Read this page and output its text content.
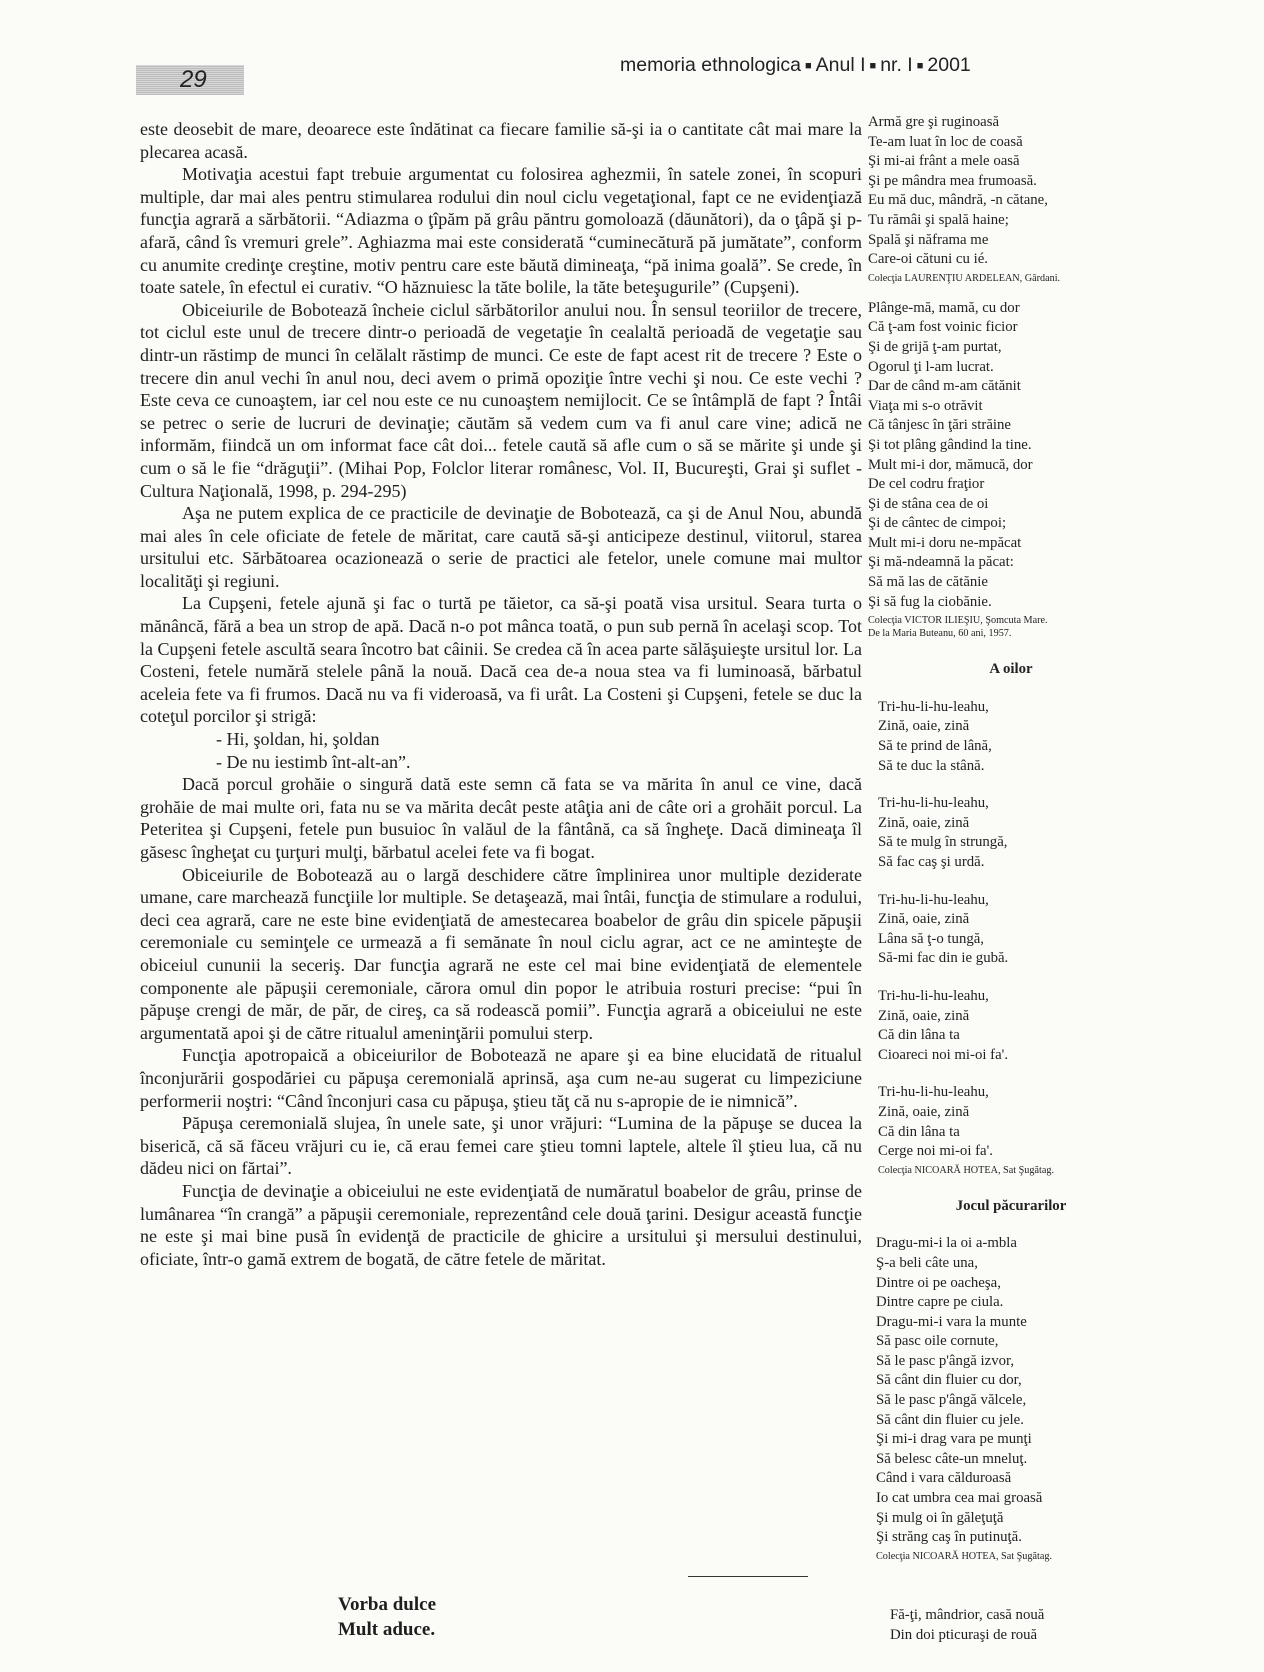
29
memoria ethnologica ■ Anul I ■ nr. I ■ 2001

este deosebit de mare, deoarece este îndătinat ca fiecare familie să-şi ia o cantitate cât mai mare la plecarea acasă.

Motivaţia acestui fapt trebuie argumentat cu folosirea aghezmii, în satele zonei, în scopuri multiple, dar mai ales pentru stimularea rodului din noul ciclu vegetaţional, fapt ce ne evidenţiază funcţia agrară a sărbătorii. “Adiazma o ţîpăm pă grâu păntru gomoloază (dăunători), da o ţâpă şi p-afară, când îs vremuri grele”. Aghiazma mai este considerată “cuminecătură pă jumătate”, conform cu anumite credinţe creştine, motiv pentru care este băută dimineaţa, “pă inima goală”. Se crede, în toate satele, în efectul ei curativ. “O hăznuiesc la tăte bolile, la tăte beteşugurile” (Cupşeni).

Obiceiurile de Bobotează încheie ciclul sărbătorilor anului nou. În sensul teoriilor de trecere, tot ciclul este unul de trecere dintr-o perioadă de vegetaţie în cealaltă perioadă de vegetaţie sau dintr-un răstimp de munci în celălalt răstimp de munci. Ce este de fapt acest rit de trecere ? Este o trecere din anul vechi în anul nou, deci avem o primă opoziţie între vechi şi nou. Ce este vechi ? Este ceva ce cunoaştem, iar cel nou este ce nu cunoaştem nemijlocit. Ce se întâmplă de fapt ? Întâi se petrec o serie de lucruri de devinaţie; căutăm să vedem cum va fi anul care vine; adică ne informăm, fiindcă un om informat face cât doi... fetele caută să afle cum o să se mărite şi unde şi cum o să le fie “drăguţii”. (Mihai Pop, Folclor literar românesc, Vol. II, Bucureşti, Grai şi suflet - Cultura Naţională, 1998, p. 294-295)

Aşa ne putem explica de ce practicile de devinaţie de Bobotează, ca şi de Anul Nou, abundă mai ales în cele oficiate de fetele de măritat, care caută să-şi anticipeze destinul, viitorul, starea ursitului etc. Sărbătoarea ocazionează o serie de practici ale fetelor, unele comune mai multor localităţi şi regiuni.

La Cupşeni, fetele ajună şi fac o turtă pe tăietor, ca să-şi poată visa ursitul. Seara turta o mănâncă, fără a bea un strop de apă. Dacă n-o pot mânca toată, o pun sub pernă în acelaşi scop. Tot la Cupşeni fetele ascultă seara încotro bat câinii. Se credea că în acea parte sălăşuieşte ursitul lor. La Costeni, fetele numără stelele până la nouă. Dacă cea de-a noua stea va fi luminoasă, bărbatul aceleia fete va fi frumos. Dacă nu va fi videroasă, va fi urât. La Costeni şi Cupşeni, fetele se duc la coteţul porcilor şi strigă:

- Hi, şoldan, hi, şoldan

- De nu iestimb înt-alt-an”.

Dacă porcul grohăie o singură dată este semn că fata se va mărita în anul ce vine, dacă grohăie de mai multe ori, fata nu se va mărita decât peste atâţia ani de câte ori a grohăit porcul. La Peteritea şi Cupşeni, fetele pun busuioc în valăul de la fântână, ca să îngheţe. Dacă dimineaţa îl găsesc îngheţat cu ţurţuri mulţi, bărbatul acelei fete va fi bogat.

Obiceiurile de Bobotează au o largă deschidere către împlinirea unor multiple deziderate umane, care marchează funcţiile lor multiple. Se detaşează, mai întâi, funcţia de stimulare a rodului, deci cea agrară, care ne este bine evidenţiată de amestecarea boabelor de grâu din spicele păpuşii ceremoniale cu seminţele ce urmează a fi semănate în noul ciclu agrar, act ce ne aminteşte de obiceiul cununii la seceriş. Dar funcţia agrară ne este cel mai bine evidenţiată de elementele componente ale păpuşii ceremoniale, cărora omul din popor le atribuia rosturi precise: “pui în păpuşe crengi de măr, de păr, de cireş, ca să rodească pomii”. Funcţia agrară a obiceiului ne este argumentată apoi şi de către ritualul ameninţării pomului sterp.

Funcţia apotropaică a obiceiurilor de Bobotează ne apare şi ea bine elucidată de ritualul înconjurării gospodăriei cu păpuşa ceremonială aprinsă, aşa cum ne-au sugerat cu limpeziciune performerii noştri: “Când înconjuri casa cu păpuşa, ştieu tăţ că nu s-apropie de ie nimnică”.

Păpuşa ceremonială slujea, în unele sate, şi unor vrăjuri: “Lumina de la păpuşe se ducea la biserică, că să făceu vrăjuri cu ie, că erau femei care ştieu tomni laptele, altele îl ştieu lua, că nu dădeu nici on fărtai”.

Funcţia de devinaţie a obiceiului ne este evidenţiată de număratul boabelor de grâu, prinse de lumânarea “în crangă” a păpuşii ceremoniale, reprezentând cele două ţarini. Desigur această funcţie ne este şi mai bine pusă în evidenţă de practicile de ghicire a ursitului şi mersului destinului, oficiate, într-o gamă extrem de bogată, de către fetele de măritat.

Armă gre şi ruginoasă
Te-am luat în loc de coasă
Şi mi-ai frânt a mele oasă
Şi pe mândra mea frumoasă.
Eu mă duc, mândră, -n cătane,
Tu rămâi şi spală haine;
Spală şi năframa me
Care-oi cătuni cu ié.
Colecţia LAURENŢIU ARDELEAN, Gârdani.
Plânge-mă, mamă, cu dor
Că ţ-am fost voinic ficior
Şi de grijă ţ-am purtat,
Ogorul ţi l-am lucrat.
Dar de când m-am cătănit
Viaţa mi s-o otrăvit
Că tânjesc în ţări străine
Şi tot plâng gândind la tine.
Mult mi-i dor, mămucă, dor
De cel codru fraţior
Şi de stâna cea de oi
Şi de cântec de cimpoi;
Mult mi-i doru ne-mpăcat
Şi mă-ndeamnă la păcat:
Să mă las de cătănie
Şi să fug la ciobănie.
Colecţia VICTOR ILIEŞIU, Şomcuta Mare.
De la Maria Buteanu, 60 ani, 1957.
A oilor
Tri-hu-li-hu-leahu,
Zină, oaie, zină
Să te prind de lână,
Să te duc la stână.
Tri-hu-li-hu-leahu,
Zină, oaie, zină
Să te mulg în strungă,
Să fac caş şi urdă.
Tri-hu-li-hu-leahu,
Zină, oaie, zină
Lâna să ţ-o tungă,
Să-mi fac din ie gubă.
Tri-hu-li-hu-leahu,
Zină, oaie, zină
Că din lâna ta
Cioareci noi mi-oi fa'.
Tri-hu-li-hu-leahu,
Zină, oaie, zină
Că din lâna ta
Cerge noi mi-oi fa'.
Colecţia NICOARĂ HOTEA, Sat Şugătag.
Jocul păcurarilor
Dragu-mi-i la oi a-mbla
Ş-a beli câte una,
Dintre oi pe oacheşa,
Dintre capre pe ciula.
Dragu-mi-i vara la munte
Să pasc oile cornute,
Să le pasc p'ângă izvor,
Să cânt din fluier cu dor,
Să le pasc p'ângă vălcele,
Să cânt din fluier cu jele.
Şi mi-i drag vara pe munţi
Să belesc câte-un mneluţ.
Când i vara călduroasă
Io cat umbra cea mai groasă
Şi mulg oi în găleţuţă
Şi străng caş în putinuţă.
Colecţia NICOARĂ HOTEA, Sat Şugătag.
Vorba dulce
Mult aduce.
Fă-ţi, mândrior, casă nouă
Din doi pticuraşi de rouă
